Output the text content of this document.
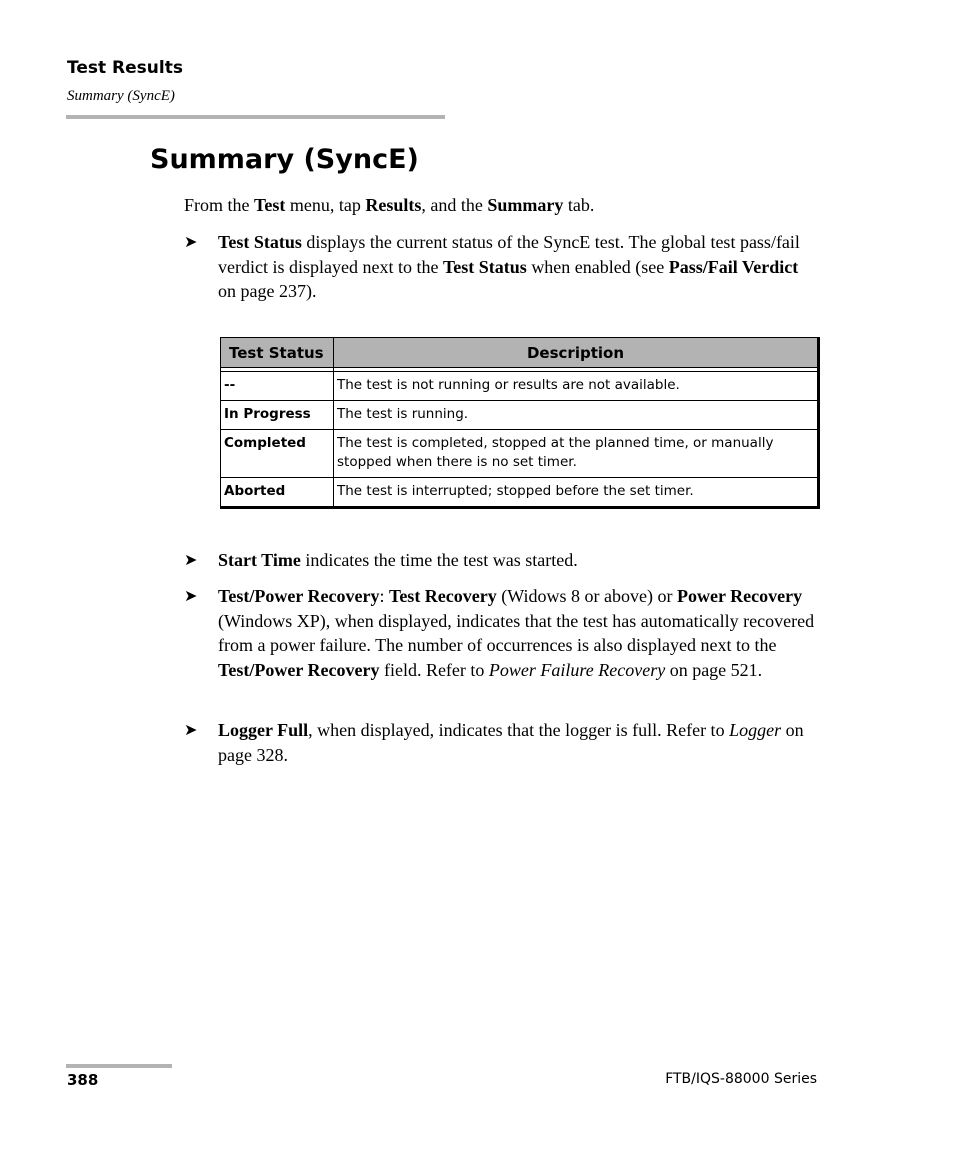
Test Results
Summary (SyncE)
Summary (SyncE)
From the Test menu, tap Results, and the Summary tab.
➤	Test Status displays the current status of the SyncE test. The global test pass/fail verdict is displayed next to the Test Status when enabled (see Pass/Fail Verdict on page 237).
Test Status	Description

--	The test is not running or results are not available.
In Progress	The test is running.
Completed	The test is completed, stopped at the planned time, or manually stopped when there is no set timer.
Aborted	The test is interrupted; stopped before the set timer.
➤	Start Time indicates the time the test was started.
➤	Test/Power Recovery: Test Recovery (Widows 8 or above) or Power Recovery (Windows XP), when displayed, indicates that the test has automatically recovered from a power failure. The number of occurrences is also displayed next to the Test/Power Recovery field. Refer to Power Failure Recovery on page 521.
➤	Logger Full, when displayed, indicates that the logger is full. Refer to Logger on page 328.
388	FTB/IQS-88000 Series
